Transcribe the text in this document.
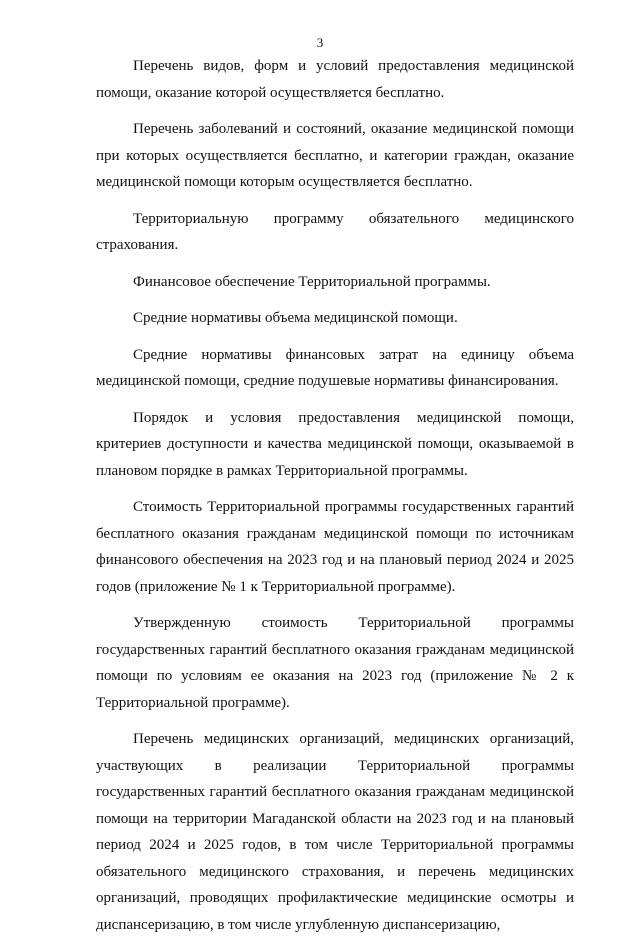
3

Перечень видов, форм и условий предоставления медицинской помощи, оказание которой осуществляется бесплатно.

Перечень заболеваний и состояний, оказание медицинской помощи при которых осуществляется бесплатно, и категории граждан, оказание медицинской помощи которым осуществляется бесплатно.

Территориальную программу обязательного медицинского страхования.

Финансовое обеспечение Территориальной программы.

Средние нормативы объема медицинской помощи.

Средние нормативы финансовых затрат на единицу объема медицинской помощи, средние подушевые нормативы финансирования.

Порядок и условия предоставления медицинской помощи, критериев доступности и качества медицинской помощи, оказываемой в плановом порядке в рамках Территориальной программы.

Стоимость Территориальной программы государственных гарантий бесплатного оказания гражданам медицинской помощи по источникам финансового обеспечения на 2023 год и на плановый период 2024 и 2025 годов (приложение № 1 к Территориальной программе).

Утвержденную стоимость Территориальной программы государственных гарантий бесплатного оказания гражданам медицинской помощи по условиям ее оказания на 2023 год (приложение № 2 к Территориальной программе).

Перечень медицинских организаций, медицинских организаций, участвующих в реализации Территориальной программы государственных гарантий бесплатного оказания гражданам медицинской помощи на территории Магаданской области на 2023 год и на плановый период 2024 и 2025 годов, в том числе Территориальной программы обязательного медицинского страхования, и перечень медицинских организаций, проводящих профилактические медицинские осмотры и диспансеризацию, в том числе углубленную диспансеризацию,
